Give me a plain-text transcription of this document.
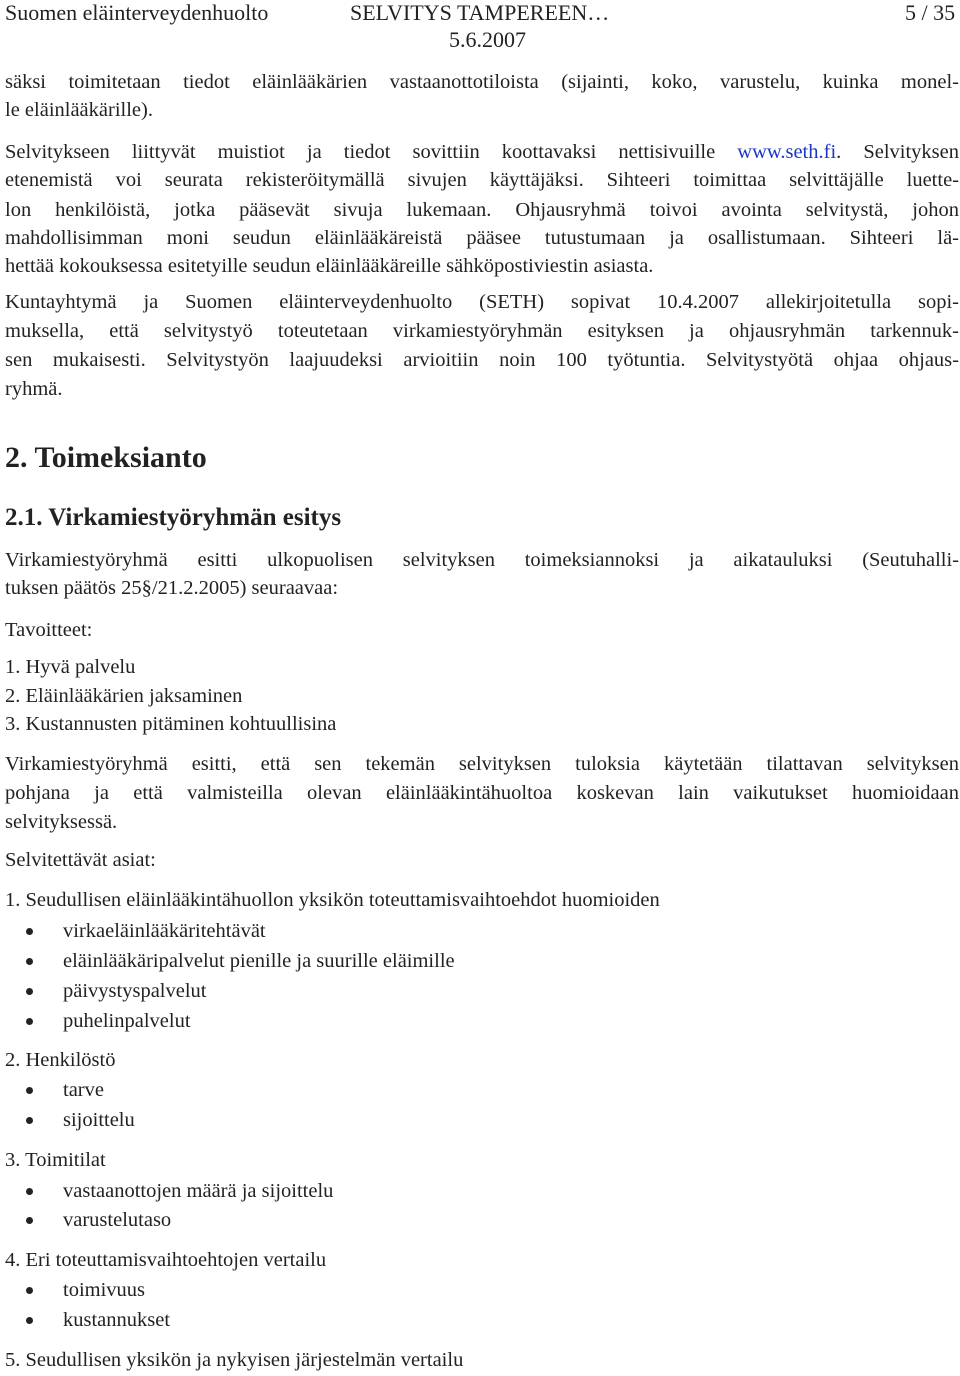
Suomen eläinterveydenhuolto	SELVITYS TAMPEREEN…	5 / 35
5.6.2007
säksi toimitetaan tiedot eläinlääkärien vastaanottotiloista (sijainti, koko, varustelu, kuinka monel-
le eläinlääkärille).
Selvitykseen liittyvät muistiot ja tiedot sovittiin koottavaksi nettisivuille www.seth.fi. Selvityksen
etenemistä voi seurata rekisteröitymällä sivujen käyttäjäksi. Sihteeri toimittaa selvittäjälle luette-
lon henkilöistä, jotka pääsevät sivuja lukemaan. Ohjausryhmä toivoi avointa selvitystä, johon
mahdollisimman moni seudun eläinlääkäreistä pääsee tutustumaan ja osallistumaan. Sihteeri lä-
hettää kokouksessa esitetyille seudun eläinlääkäreille sähköpostiviestin asiasta.
Kuntayhtymä ja Suomen eläinterveydenhuolto (SETH) sopivat 10.4.2007 allekirjoitetulla sopi-
muksella, että selvitystyö toteutetaan virkamiestyöryhmän esityksen ja ohjausryhmän tarkennuk-
sen mukaisesti. Selvitystyön laajuudeksi arvioitiin noin 100 työtuntia. Selvitystyötä ohjaa ohjaus-
ryhmä.
2. Toimeksianto
2.1. Virkamiestyöryhmän esitys
Virkamiestyöryhmä esitti ulkopuolisen selvityksen toimeksiannoksi ja aikatauluksi (Seutuhalli-
tuksen päätös 25§/21.2.2005) seuraavaa:
Tavoitteet:
1. Hyvä palvelu
2. Eläinlääkärien jaksaminen
3. Kustannusten pitäminen kohtuullisina
Virkamiestyöryhmä esitti, että sen tekemän selvityksen tuloksia käytetään tilattavan selvityksen
pohjana ja että valmisteilla olevan eläinlääkintähuoltoa koskevan lain vaikutukset huomioidaan
selvityksessä.
Selvitettävät asiat:
1. Seudullisen eläinlääkintähuollon yksikön toteuttamisvaihtoehdot huomioiden
virkaeläinlääkäritehtävät
eläinlääkäripalvelut pienille ja suurille eläimille
päivystyspalvelut
puhelinpalvelut
2. Henkilöstö
tarve
sijoittelu
3. Toimitilat
vastaanottojen määrä ja sijoittelu
varustelutaso
4. Eri toteuttamisvaihtoehtojen vertailu
toimivuus
kustannukset
5. Seudullisen yksikön ja nykyisen järjestelmän vertailu
